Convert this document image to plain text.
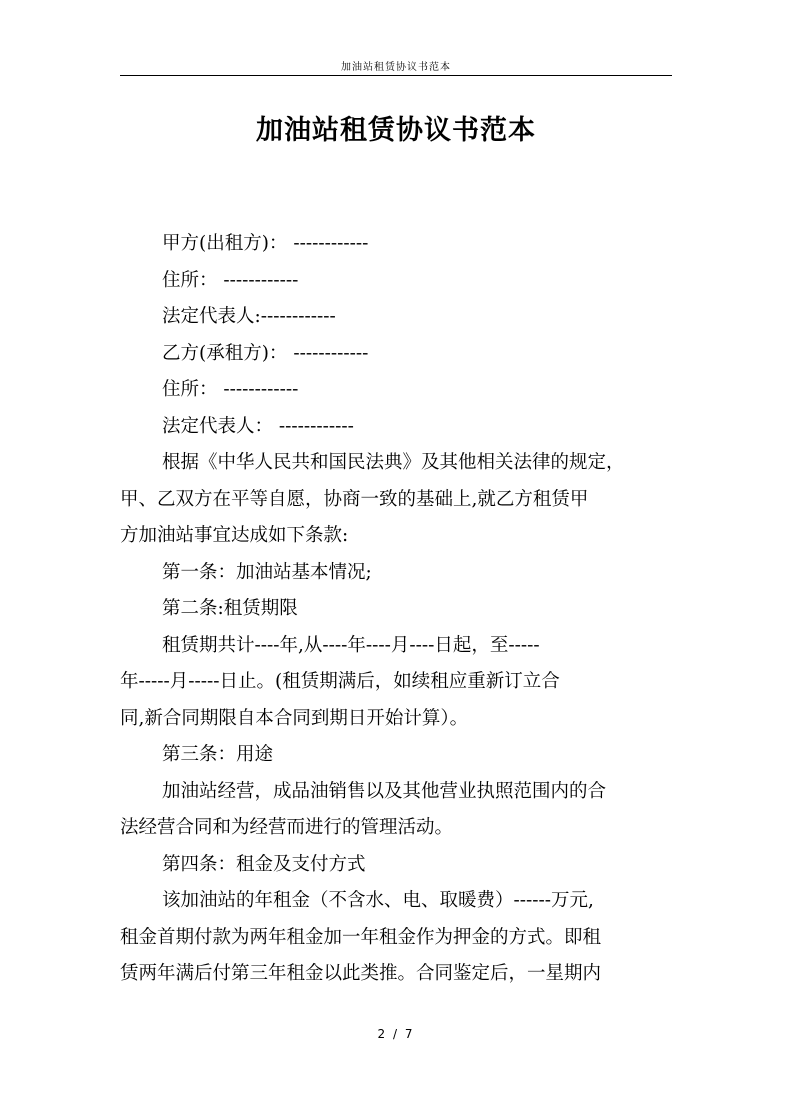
加油站租赁协议书范本
加油站租赁协议书范本
甲方(出租方)： ------------
住所： ------------
法定代表人:------------
乙方(承租方)： ------------
住所： ------------
法定代表人： ------------
根据《中华人民共和国民法典》及其他相关法律的规定，
甲、乙双方在平等自愿，协商一致的基础上,就乙方租赁甲
方加油站事宜达成如下条款:
第一条：加油站基本情况;
第二条:租赁期限
租赁期共计----年,从----年----月----日起，至-----
年-----月-----日止。(租赁期满后，如续租应重新订立合
同,新合同期限自本合同到期日开始计算）。
第三条：用途
加油站经营，成品油销售以及其他营业执照范围内的合
法经营合同和为经营而进行的管理活动。
第四条：租金及支付方式
该加油站的年租金（不含水、电、取暖费）------万元,
租金首期付款为两年租金加一年租金作为押金的方式。即租
赁两年满后付第三年租金以此类推。合同鉴定后，一星期内
2 / 7
